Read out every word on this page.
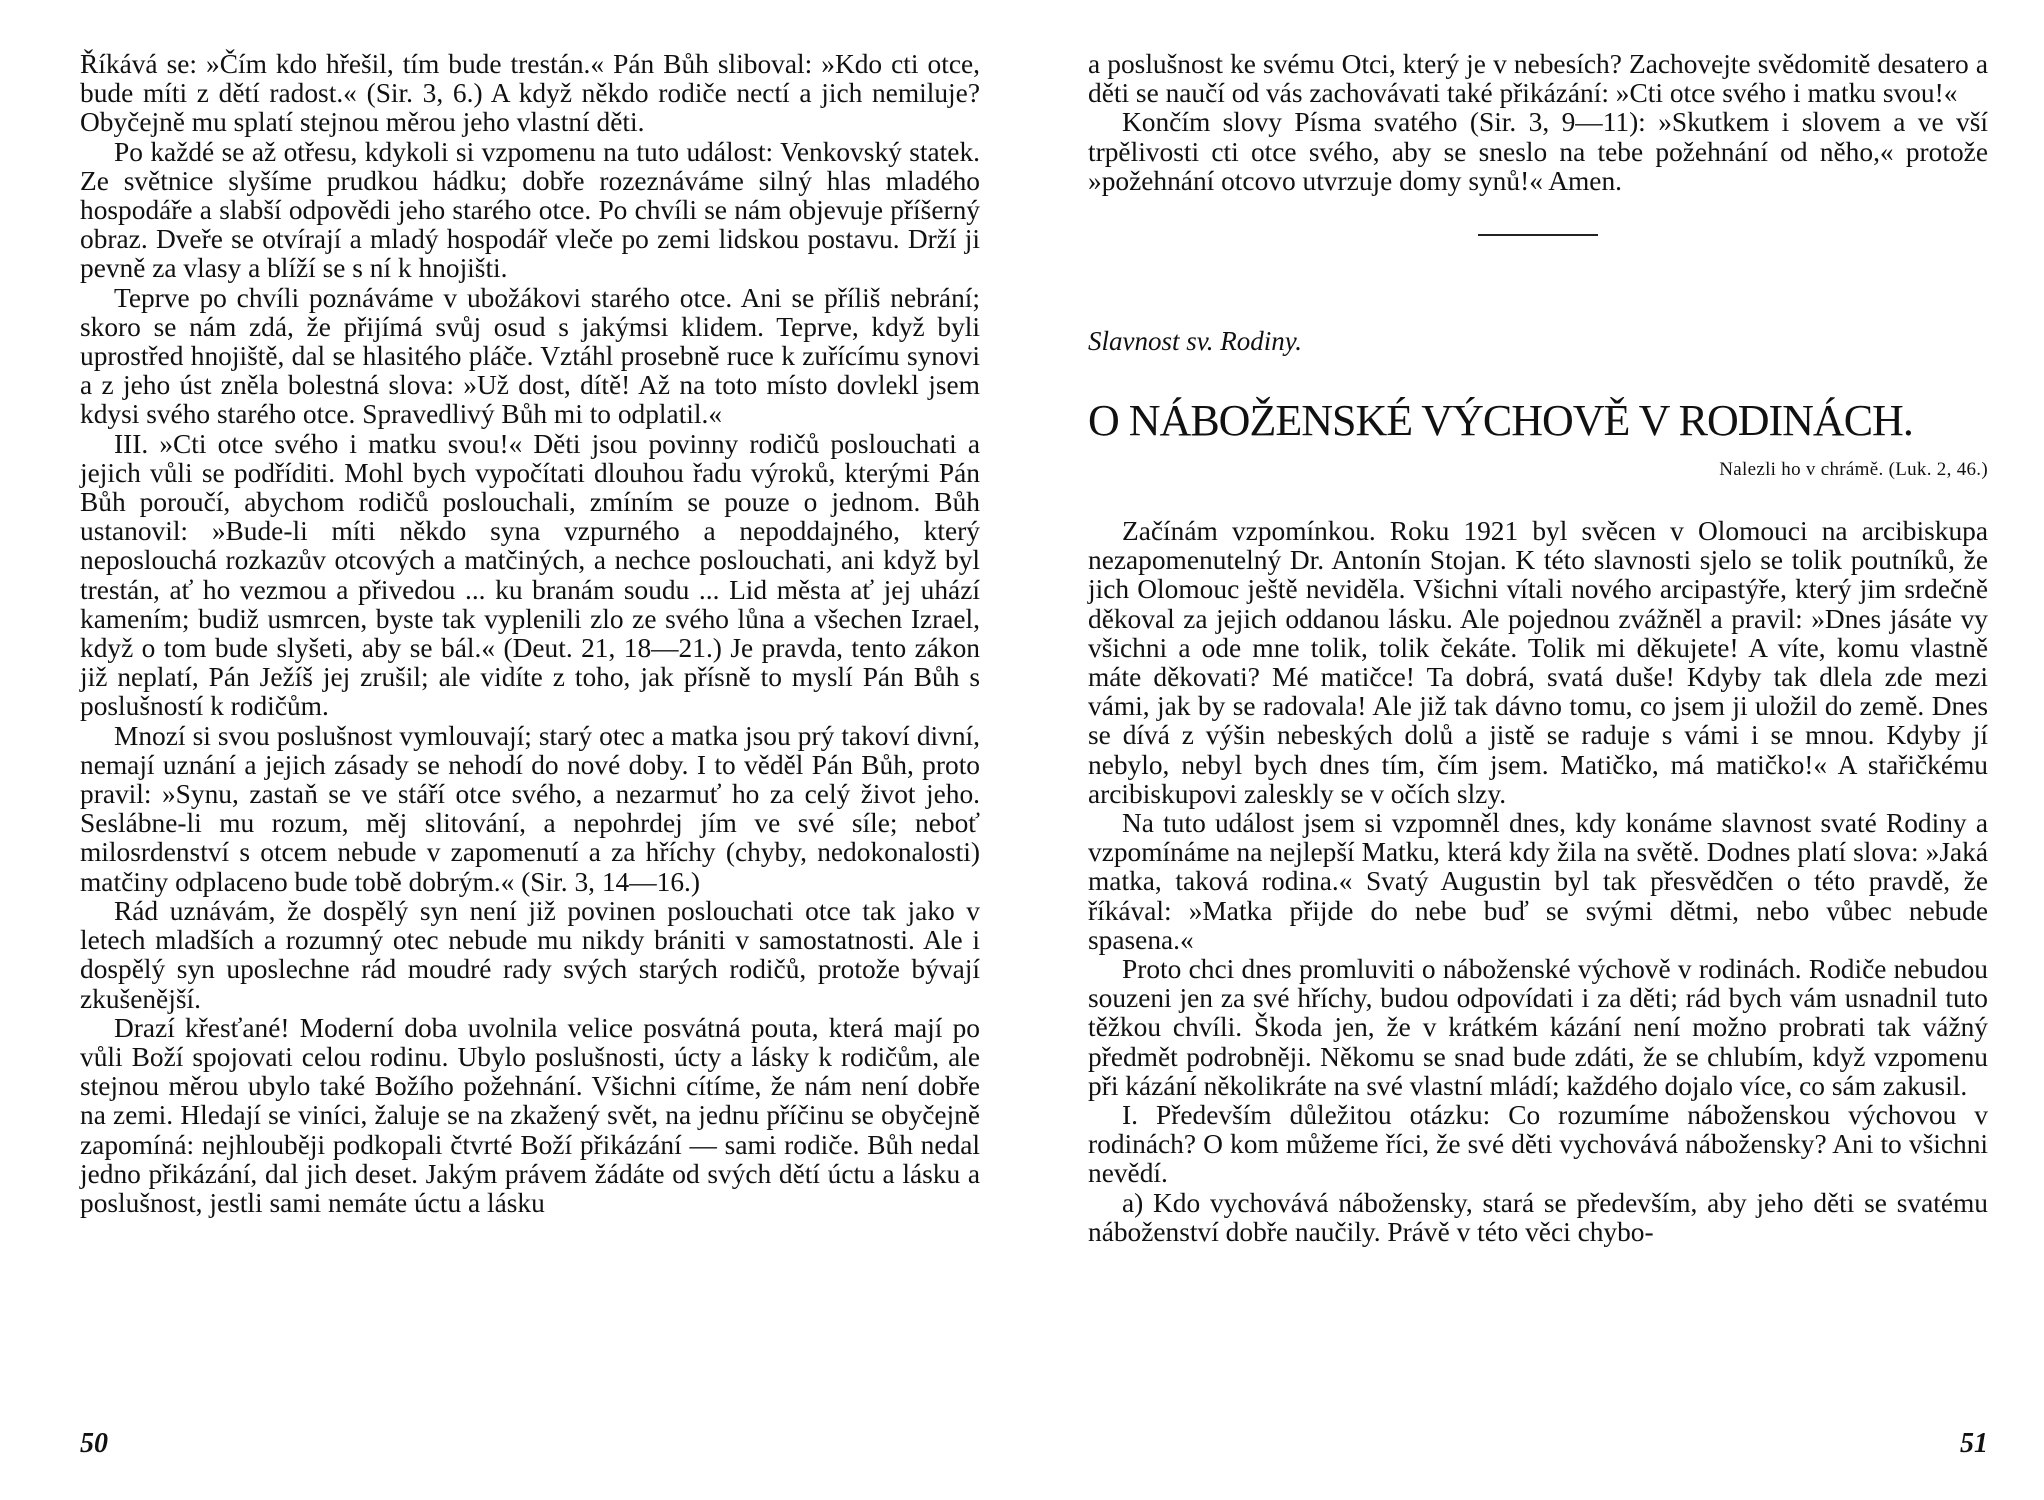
Říkává se: »Čím kdo hřešil, tím bude trestán.« Pán Bůh sliboval: »Kdo cti otce, bude míti z dětí radost.« (Sir. 3, 6.) A když někdo rodiče nectí a jich nemiluje? Obyčejně mu splatí stejnou měrou jeho vlastní děti.

Po každé se až otřesu, kdykoli si vzpomenu na tuto událost: Venkovský statek. Ze světnice slyšíme prudkou hádku; dobře rozeznáváme silný hlas mladého hospodáře a slabší odpovědi jeho starého otce. Po chvíli se nám objevuje příšerný obraz. Dveře se otvírají a mladý hospodář vleče po zemi lidskou postavu. Drží ji pevně za vlasy a blíží se s ní k hnojišti.

Teprve po chvíli poznáváme v ubožákovi starého otce. Ani se příliš nebrání; skoro se nám zdá, že přijímá svůj osud s jakýmsi klidem. Teprve, když byli uprostřed hnojiště, dal se hlasitého pláče. Vztáhl prosebně ruce k zuřícímu synovi a z jeho úst zněla bolestná slova: »Už dost, dítě! Až na toto místo dovlekl jsem kdysi svého starého otce. Spravedlivý Bůh mi to odplatil.«

III. »Cti otce svého i matku svou!« Děti jsou povinny rodičů poslouchati a jejich vůli se podříditi. Mohl bych vypočítati dlouhou řadu výroků, kterými Pán Bůh poroučí, abychom rodičů poslouchali, zmíním se pouze o jednom. Bůh ustanovil: »Bude-li míti někdo syna vzpurného a nepoddajného, který neposlouchá rozkazův otcových a matčiných, a nechce poslouchati, ani když byl trestán, ať ho vezmou a přivedou ... ku branám soudu ... Lid města ať jej uhází kamením; budiž usmrcen, byste tak vyplenili zlo ze svého lůna a všechen Izrael, když o tom bude slyšeti, aby se bál.« (Deut. 21, 18—21.) Je pravda, tento zákon již neplatí, Pán Ježíš jej zrušil; ale vidíte z toho, jak přísně to myslí Pán Bůh s poslušností k rodičům.

Mnozí si svou poslušnost vymlouvají; starý otec a matka jsou prý takoví divní, nemají uznání a jejich zásady se nehodí do nové doby. I to věděl Pán Bůh, proto pravil: »Synu, zastaň se ve stáří otce svého, a nezarmuť ho za celý život jeho. Seslábne-li mu rozum, měj slitování, a nepohrdej jím ve své síle; neboť milosrdenství s otcem nebude v zapomenutí a za hříchy (chyby, nedokonalosti) matčiny odplaceno bude tobě dobrým.« (Sir. 3, 14—16.)

Rád uznávám, že dospělý syn není již povinen poslouchati otce tak jako v letech mladších a rozumný otec nebude mu nikdy brániti v samostatnosti. Ale i dospělý syn uposlechne rád moudré rady svých starých rodičů, protože bývají zkušenější.

Drazí křesťané! Moderní doba uvolnila velice posvátná pouta, která mají po vůli Boží spojovati celou rodinu. Ubylo poslušnosti, úcty a lásky k rodičům, ale stejnou měrou ubylo také Božího požehnání. Všichni cítíme, že nám není dobře na zemi. Hledají se viníci, žaluje se na zkažený svět, na jednu příčinu se obyčejně zapomíná: nejhlouběji podkopali čtvrté Boží přikázání — sami rodiče. Bůh nedal jedno přikázání, dal jich deset. Jakým právem žádáte od svých dětí úctu a lásku a poslušnost, jestli sami nemáte úctu a lásku

50

a poslušnost ke svému Otci, který je v nebesích? Zachovejte svědomitě desatero a děti se naučí od vás zachovávati také přikázání: »Cti otce svého i matku svou!«

Končím slovy Písma svatého (Sir. 3, 9—11): »Skutkem i slovem a ve vší trpělivosti cti otce svého, aby se sneslo na tebe požehnání od něho,« protože »požehnání otcovo utvrzuje domy synů!« Amen.

Slavnost sv. Rodiny.
O NÁBOŽENSKÉ VÝCHOVĚ V RODINÁCH.
Nalezli ho v chrámě. (Luk. 2, 46.)

Začínám vzpomínkou. Roku 1921 byl svěcen v Olomouci na arcibiskupa nezapomenutelný Dr. Antonín Stojan. K této slavnosti sjelo se tolik poutníků, že jich Olomouc ještě neviděla. Všichni vítali nového arcipastýře, který jim srdečně děkoval za jejich oddanou lásku. Ale pojednou zvážněl a pravil: »Dnes jásáte vy všichni a ode mne tolik, tolik čekáte. Tolik mi děkujete! A víte, komu vlastně máte děkovati? Mé matičce! Ta dobrá, svatá duše! Kdyby tak dlela zde mezi vámi, jak by se radovala! Ale již tak dávno tomu, co jsem ji uložil do země. Dnes se dívá z výšin nebeských dolů a jistě se raduje s vámi i se mnou. Kdyby jí nebylo, nebyl bych dnes tím, čím jsem. Matičko, má matičko!« A stařičkému arcibiskupovi zaleskly se v očích slzy.

Na tuto událost jsem si vzpomněl dnes, kdy konáme slavnost svaté Rodiny a vzpomínáme na nejlepší Matku, která kdy žila na světě. Dodnes platí slova: »Jaká matka, taková rodina.« Svatý Augustin byl tak přesvědčen o této pravdě, že říkával: »Matka přijde do nebe buď se svými dětmi, nebo vůbec nebude spasena.«

Proto chci dnes promluviti o náboženské výchově v rodinách. Rodiče nebudou souzeni jen za své hříchy, budou odpovídati i za děti; rád bych vám usnadnil tuto těžkou chvíli. Škoda jen, že v krátkém kázání není možno probrati tak vážný předmět podrobněji. Někomu se snad bude zdáti, že se chlubím, když vzpomenu při kázání několikráte na své vlastní mládí; každého dojalo více, co sám zakusil.

I. Především důležitou otázku: Co rozumíme náboženskou výchovou v rodinách? O kom můžeme říci, že své děti vychovává nábožensky? Ani to všichni nevědí.

a) Kdo vychovává nábožensky, stará se především, aby jeho děti se svatému náboženství dobře naučily. Právě v této věci chybo-

51
